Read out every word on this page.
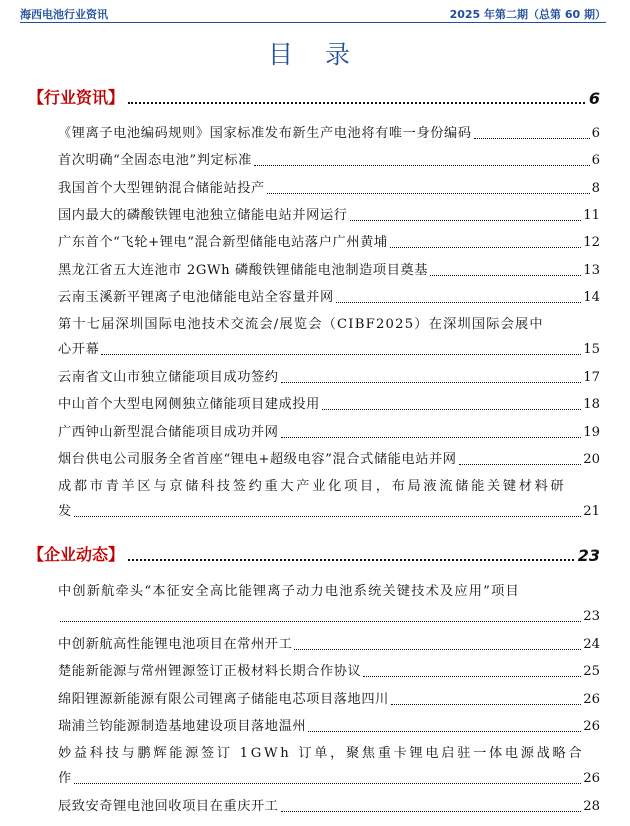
海西电池行业资讯	2025 年第二期（总第 60 期）
目 录
【行业资讯】	6
《锂离子电池编码规则》国家标准发布新生产电池将有唯一身份编码	6
首次明确“全固态电池”判定标准	6
我国首个大型锂钠混合储能站投产	8
国内最大的磷酸铁锂电池独立储能电站并网运行	11
广东首个“飞轮+锂电”混合新型储能电站落户广州黄埔	12
黑龙江省五大连池市 2GWh 磷酸铁锂储能电池制造项目奠基	13
云南玉溪新平锂离子电池储能电站全容量并网	14
第十七届深圳国际电池技术交流会/展览会（CIBF2025）在深圳国际会展中
心开幕	15
云南省文山市独立储能项目成功签约	17
中山首个大型电网侧独立储能项目建成投用	18
广西钟山新型混合储能项目成功并网	19
烟台供电公司服务全省首座“锂电+超级电容”混合式储能电站并网	20
成都市青羊区与京储科技签约重大产业化项目，布局液流储能关键材料研
发	21
【企业动态】	23
中创新航牵头“本征安全高比能锂离子动力电池系统关键技术及应用”项目
23
中创新航高性能锂电池项目在常州开工	24
楚能新能源与常州锂源签订正极材料长期合作协议	25
绵阳锂源新能源有限公司锂离子储能电芯项目落地四川	26
瑞浦兰钧能源制造基地建设项目落地温州	26
妙益科技与鹏辉能源签订 1GWh 订单，聚焦重卡锂电启驻一体电源战略合
作	26
辰致安奇锂电池回收项目在重庆开工	28
